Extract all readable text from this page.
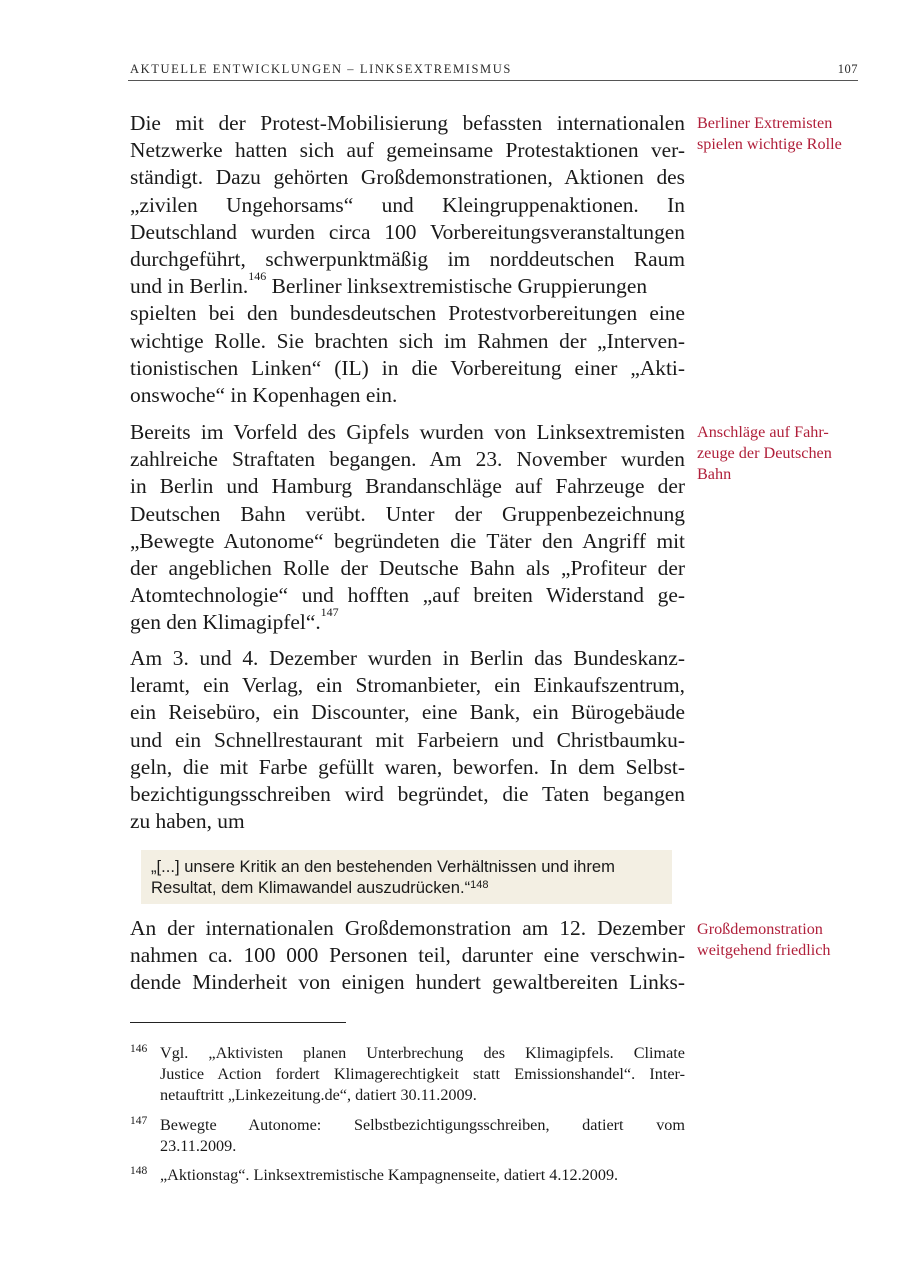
AKTUELLE ENTWICKLUNGEN – LINKSEXTREMISMUS	107

Die mit der Protest-Mobilisierung befassten internationalen
Netzwerke hatten sich auf gemeinsame Protestaktionen ver-
ständigt. Dazu gehörten Großdemonstrationen, Aktionen des
„zivilen Ungehorsams“ und Kleingruppenaktionen. In
Deutschland wurden circa 100 Vorbereitungsveranstaltungen
durchgeführt, schwerpunktmäßig im norddeutschen Raum
und in Berlin.$^{146}$ Berliner linksextremistische Gruppierungen
spielten bei den bundesdeutschen Protestvorbereitungen eine
wichtige Rolle. Sie brachten sich im Rahmen der „Interven-
tionistischen Linken“ (IL) in die Vorbereitung einer „Akti-
onswoche“ in Kopenhagen ein.

Bereits im Vorfeld des Gipfels wurden von Linksextremisten
zahlreiche Straftaten begangen. Am 23. November wurden
in Berlin und Hamburg Brandanschläge auf Fahrzeuge der
Deutschen Bahn verübt. Unter der Gruppenbezeichnung
„Bewegte Autonome“ begründeten die Täter den Angriff mit
der angeblichen Rolle der Deutsche Bahn als „Profiteur der
Atomtechnologie“ und hofften „auf breiten Widerstand ge-
gen den Klimagipfel“.$^{147}$

Am 3. und 4. Dezember wurden in Berlin das Bundeskanz-
leramt, ein Verlag, ein Stromanbieter, ein Einkaufszentrum,
ein Reisebüro, ein Discounter, eine Bank, ein Bürogebäude
und ein Schnellrestaurant mit Farbeiern und Christbaumku-
geln, die mit Farbe gefüllt waren, beworfen. In dem Selbst-
bezichtigungsschreiben wird begründet, die Taten begangen
zu haben, um

„[...] unsere Kritik an den bestehenden Verhältnissen und ihrem
Resultat, dem Klimawandel auszudrücken.“$^{148}$

An der internationalen Großdemonstration am 12. Dezember
nahmen ca. 100 000 Personen teil, darunter eine verschwin-
dende Minderheit von einigen hundert gewaltbereiten Links-

Berliner Extremisten
spielen wichtige Rolle
Anschläge auf Fahr-
zeuge der Deutschen
Bahn
Großdemonstration
weitgehend friedlich
146 Vgl. „Aktivisten planen Unterbrechung des Klimagipfels. Climate
Justice Action fordert Klimagerechtigkeit statt Emissionshandel“. Inter-
netauftritt „Linkezeitung.de“, datiert 30.11.2009.
147 Bewegte Autonome: Selbstbezichtigungsschreiben, datiert vom
23.11.2009.
148 „Aktionstag“. Linksextremistische Kampagnenseite, datiert 4.12.2009.
